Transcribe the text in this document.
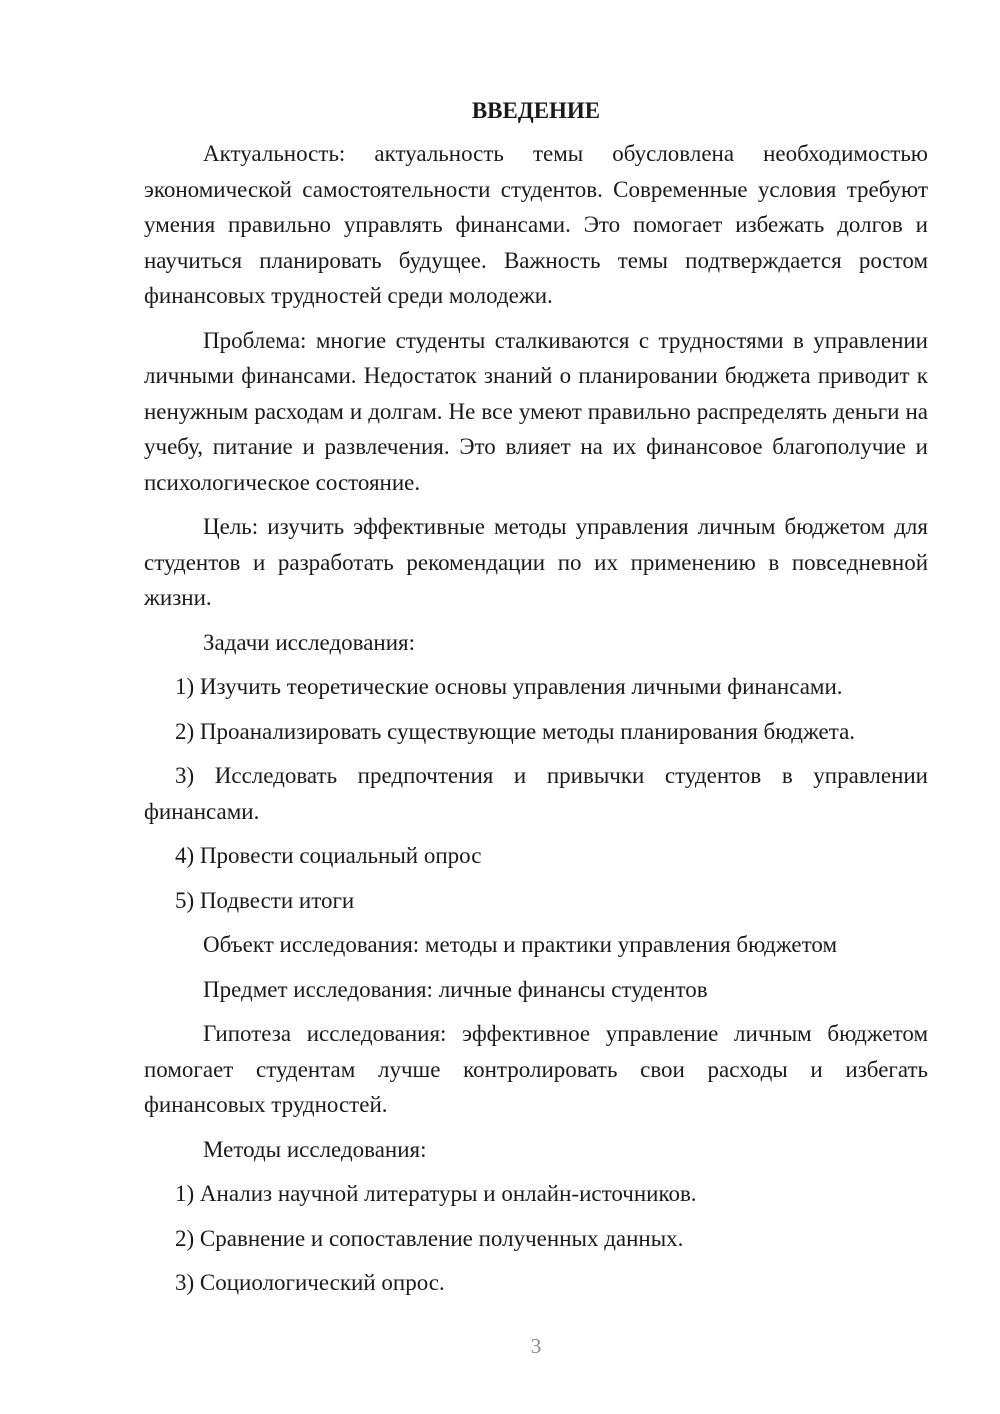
ВВЕДЕНИЕ

Актуальность: актуальность темы обусловлена необходимостью экономической самостоятельности студентов. Современные условия требуют умения правильно управлять финансами. Это помогает избежать долгов и научиться планировать будущее. Важность темы подтверждается ростом финансовых трудностей среди молодежи.

Проблема: многие студенты сталкиваются с трудностями в управлении личными финансами. Недостаток знаний о планировании бюджета приводит к ненужным расходам и долгам. Не все умеют правильно распределять деньги на учебу, питание и развлечения. Это влияет на их финансовое благополучие и психологическое состояние.

Цель: изучить эффективные методы управления личным бюджетом для студентов и разработать рекомендации по их применению в повседневной жизни.

Задачи исследования:

1) Изучить теоретические основы управления личными финансами.

2) Проанализировать существующие методы планирования бюджета.

3) Исследовать предпочтения и привычки студентов в управлении финансами.

4) Провести социальный опрос

5) Подвести итоги

Объект исследования: методы и практики управления бюджетом

Предмет исследования: личные финансы студентов

Гипотеза исследования: эффективное управление личным бюджетом помогает студентам лучше контролировать свои расходы и избегать финансовых трудностей.

Методы исследования:

1) Анализ научной литературы и онлайн-источников.

2) Сравнение и сопоставление полученных данных.

3) Социологический опрос.

3
